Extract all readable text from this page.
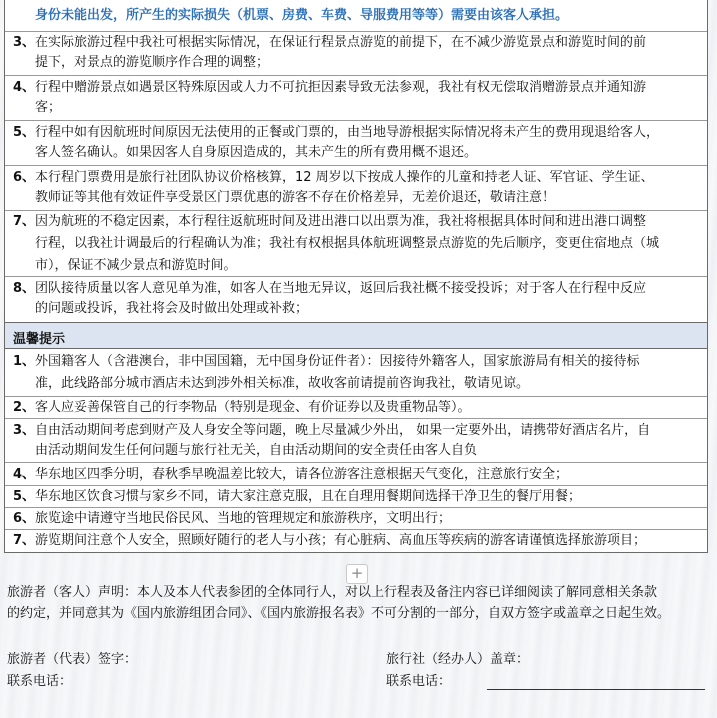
身份未能出发，所产生的实际损失（机票、房费、车费、导服费用等等）需要由该客人承担。
3、 在实际旅游过程中我社可根据实际情况，在保证行程景点游览的前提下，在不减少游览景点和游览时间的前
提下，对景点的游览顺序作合理的调整；
4、 行程中赠游景点如遇景区特殊原因或人力不可抗拒因素导致无法参观，我社有权无偿取消赠游景点并通知游
客；
5、 行程中如有因航班时间原因无法使用的正餐或门票的，由当地导游根据实际情况将未产生的费用现退给客人，
客人签名确认。如果因客人自身原因造成的，其未产生的所有费用概不退还。
6、 本行程门票费用是旅行社团队协议价格核算，12 周岁以下按成人操作的儿童和持老人证、军官证、学生证、
教师证等其他有效证件享受景区门票优惠的游客不存在价格差异，无差价退还，敬请注意！
7、 因为航班的不稳定因素，本行程往返航班时间及进出港口以出票为准，我社将根据具体时间和进出港口调整
行程，以我社计调最后的行程确认为准；我社有权根据具体航班调整景点游览的先后顺序，变更住宿地点（城
市），保证不减少景点和游览时间。
8、 团队接待质量以客人意见单为准，如客人在当地无异议，返回后我社概不接受投诉；对于客人在行程中反应
的问题或投诉，我社将会及时做出处理或补救；
温馨提示
1、 外国籍客人（含港澳台，非中国国籍，无中国身份证件者）：因接待外籍客人，国家旅游局有相关的接待标
准，此线路部分城市酒店未达到涉外相关标准，故收客前请提前咨询我社，敬请见谅。
2、 客人应妥善保管自己的行李物品（特别是现金、有价证券以及贵重物品等）。
3、 自由活动期间考虑到财产及人身安全等问题，晚上尽量减少外出， 如果一定要外出，请携带好酒店名片，自
由活动期间发生任何问题与旅行社无关，自由活动期间的安全责任由客人自负
4、 华东地区四季分明，春秋季早晚温差比较大，请各位游客注意根据天气变化，注意旅行安全；
5、 华东地区饮食习惯与家乡不同，请大家注意克服，且在自理用餐期间选择干净卫生的餐厅用餐；
6、 旅览途中请遵守当地民俗民风、当地的管理规定和旅游秩序，文明出行；
7、 游览期间注意个人安全，照顾好随行的老人与小孩；有心脏病、高血压等疾病的游客请谨慎选择旅游项目；
+
旅游者（客人）声明：本人及本人代表参团的全体同行人，对以上行程表及备注内容已详细阅读了解同意相关条款
的约定，并同意其为《国内旅游组团合同》、《国内旅游报名表》不可分割的一部分，自双方签字或盖章之日起生效。
旅游者（代表）签字：
联系电话：
旅行社（经办人）盖章：
联系电话：
